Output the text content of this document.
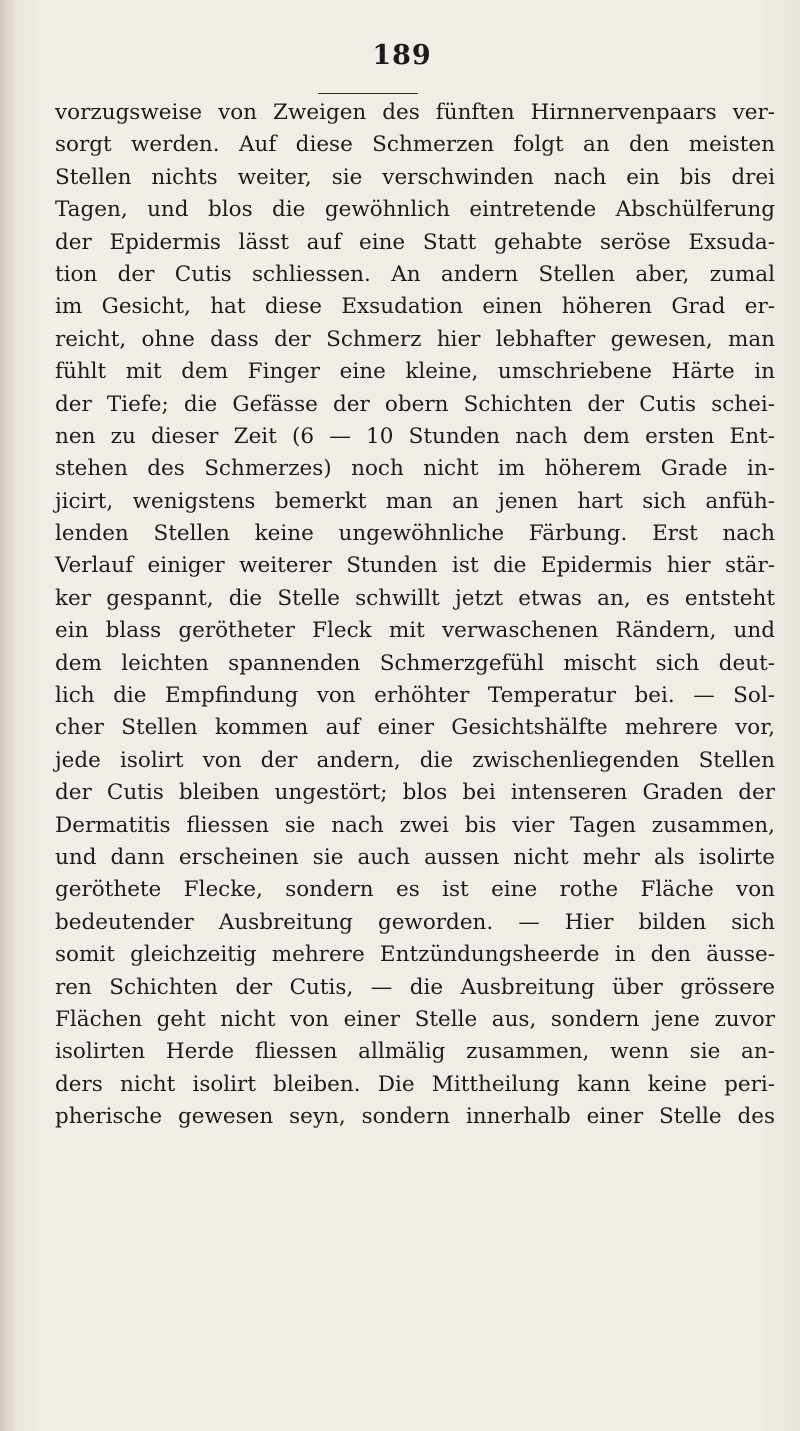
189
vorzugsweise von Zweigen des fünften Hirnnervenpaars ver-
sorgt werden. Auf diese Schmerzen folgt an den meisten
Stellen nichts weiter, sie verschwinden nach ein bis drei
Tagen, und blos die gewöhnlich eintretende Abschülferung
der Epidermis lässt auf eine Statt gehabte seröse Exsuda-
tion der Cutis schliessen. An andern Stellen aber, zumal
im Gesicht, hat diese Exsudation einen höheren Grad er-
reicht, ohne dass der Schmerz hier lebhafter gewesen, man
fühlt mit dem Finger eine kleine, umschriebene Härte in
der Tiefe; die Gefässe der obern Schichten der Cutis schei-
nen zu dieser Zeit (6 — 10 Stunden nach dem ersten Ent-
stehen des Schmerzes) noch nicht im höherem Grade in-
jicirt, wenigstens bemerkt man an jenen hart sich anfüh-
lenden Stellen keine ungewöhnliche Färbung. Erst nach
Verlauf einiger weiterer Stunden ist die Epidermis hier stär-
ker gespannt, die Stelle schwillt jetzt etwas an, es entsteht
ein blass gerötheter Fleck mit verwaschenen Rändern, und
dem leichten spannenden Schmerzgefühl mischt sich deut-
lich die Empfindung von erhöhter Temperatur bei. — Sol-
cher Stellen kommen auf einer Gesichtshälfte mehrere vor,
jede isolirt von der andern, die zwischenliegenden Stellen
der Cutis bleiben ungestört; blos bei intenseren Graden der
Dermatitis fliessen sie nach zwei bis vier Tagen zusammen,
und dann erscheinen sie auch aussen nicht mehr als isolirte
geröthete Flecke, sondern es ist eine rothe Fläche von
bedeutender Ausbreitung geworden. — Hier bilden sich
somit gleichzeitig mehrere Entzündungsheerde in den äusse-
ren Schichten der Cutis, — die Ausbreitung über grössere
Flächen geht nicht von einer Stelle aus, sondern jene zuvor
isolirten Herde fliessen allmälig zusammen, wenn sie an-
ders nicht isolirt bleiben. Die Mittheilung kann keine peri-
pherische gewesen seyn, sondern innerhalb einer Stelle des
